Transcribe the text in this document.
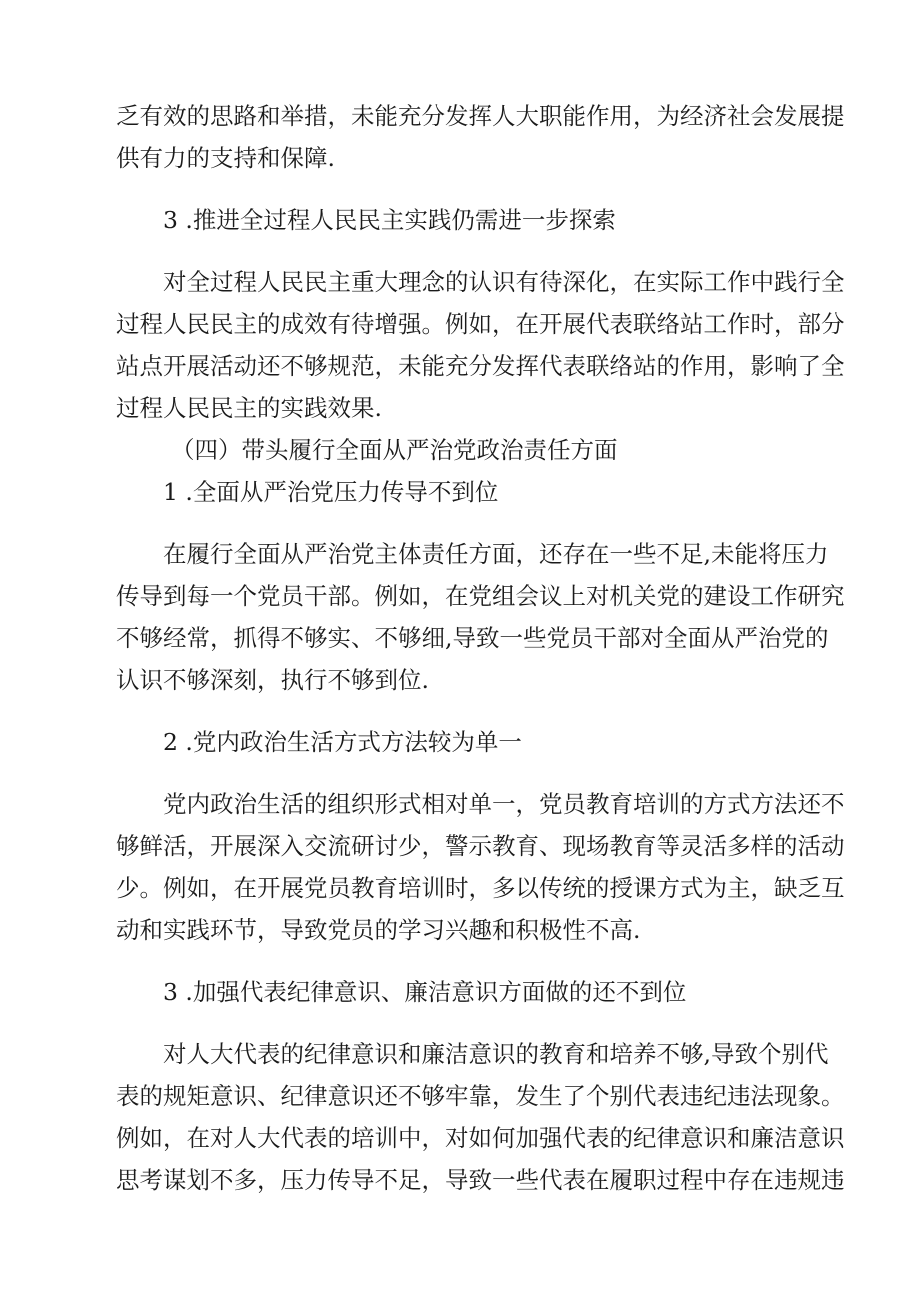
乏有效的思路和举措，未能充分发挥人大职能作用，为经济社会发展提
供有力的支持和保障.
3 .推进全过程人民民主实践仍需进一步探索
对全过程人民民主重大理念的认识有待深化，在实际工作中践行全
过程人民民主的成效有待增强。例如，在开展代表联络站工作时，部分
站点开展活动还不够规范，未能充分发挥代表联络站的作用，影响了全
过程人民民主的实践效果.
（四）带头履行全面从严治党政治责任方面
1 .全面从严治党压力传导不到位
在履行全面从严治党主体责任方面，还存在一些不足,未能将压力
传导到每一个党员干部。例如，在党组会议上对机关党的建设工作研究
不够经常，抓得不够实、不够细,导致一些党员干部对全面从严治党的
认识不够深刻，执行不够到位.
2 .党内政治生活方式方法较为单一
党内政治生活的组织形式相对单一，党员教育培训的方式方法还不
够鲜活，开展深入交流研讨少，警示教育、现场教育等灵活多样的活动
少。例如，在开展党员教育培训时，多以传统的授课方式为主，缺乏互
动和实践环节，导致党员的学习兴趣和积极性不高.
3 .加强代表纪律意识、廉洁意识方面做的还不到位
对人大代表的纪律意识和廉洁意识的教育和培养不够,导致个别代
表的规矩意识、纪律意识还不够牢靠，发生了个别代表违纪违法现象。
例如，在对人大代表的培训中，对如何加强代表的纪律意识和廉洁意识
思考谋划不多，压力传导不足，导致一些代表在履职过程中存在违规违
